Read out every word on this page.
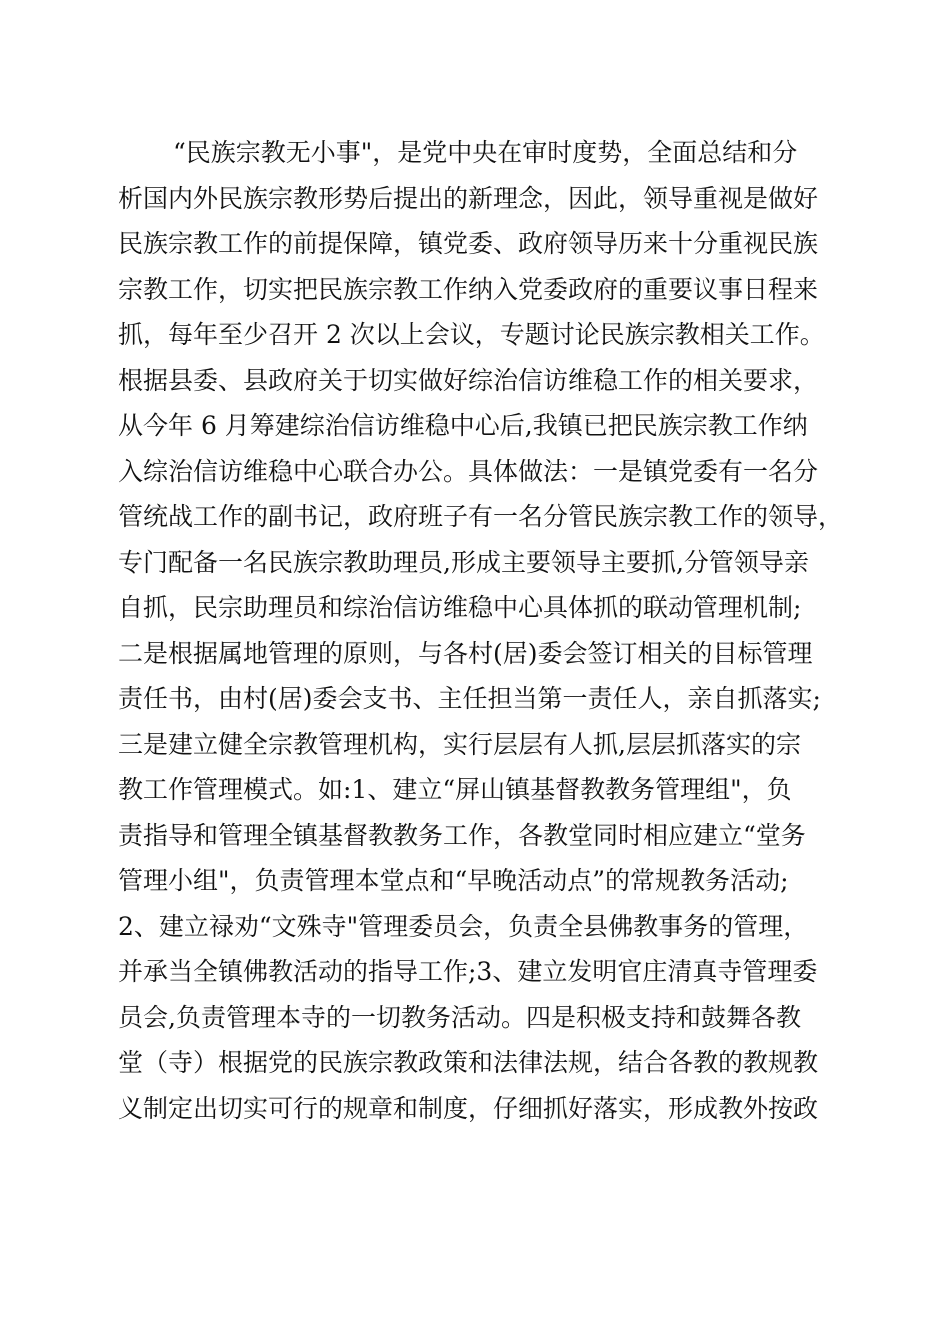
“民族宗教无小事"，是党中央在审时度势，全面总结和分
析国内外民族宗教形势后提出的新理念，因此，领导重视是做好
民族宗教工作的前提保障，镇党委、政府领导历来十分重视民族
宗教工作，切实把民族宗教工作纳入党委政府的重要议事日程来
抓，每年至少召开 2 次以上会议，专题讨论民族宗教相关工作。
根据县委、县政府关于切实做好综治信访维稳工作的相关要求，
从今年 6 月筹建综治信访维稳中心后,我镇已把民族宗教工作纳
入综治信访维稳中心联合办公。具体做法：一是镇党委有一名分
管统战工作的副书记，政府班子有一名分管民族宗教工作的领导，
专门配备一名民族宗教助理员,形成主要领导主要抓,分管领导亲
自抓，民宗助理员和综治信访维稳中心具体抓的联动管理机制;
二是根据属地管理的原则，与各村(居)委会签订相关的目标管理
责任书，由村(居)委会支书、主任担当第一责任人，亲自抓落实;
三是建立健全宗教管理机构，实行层层有人抓,层层抓落实的宗
教工作管理模式。如:1、建立“屏山镇基督教教务管理组"，负
责指导和管理全镇基督教教务工作，各教堂同时相应建立“堂务
管理小组"，负责管理本堂点和“早晚活动点”的常规教务活动;
2、建立禄劝“文殊寺"管理委员会，负责全县佛教事务的管理，
并承当全镇佛教活动的指导工作;3、建立发明官庄清真寺管理委
员会,负责管理本寺的一切教务活动。四是积极支持和鼓舞各教
堂（寺）根据党的民族宗教政策和法律法规，结合各教的教规教
义制定出切实可行的规章和制度，仔细抓好落实，形成教外按政
